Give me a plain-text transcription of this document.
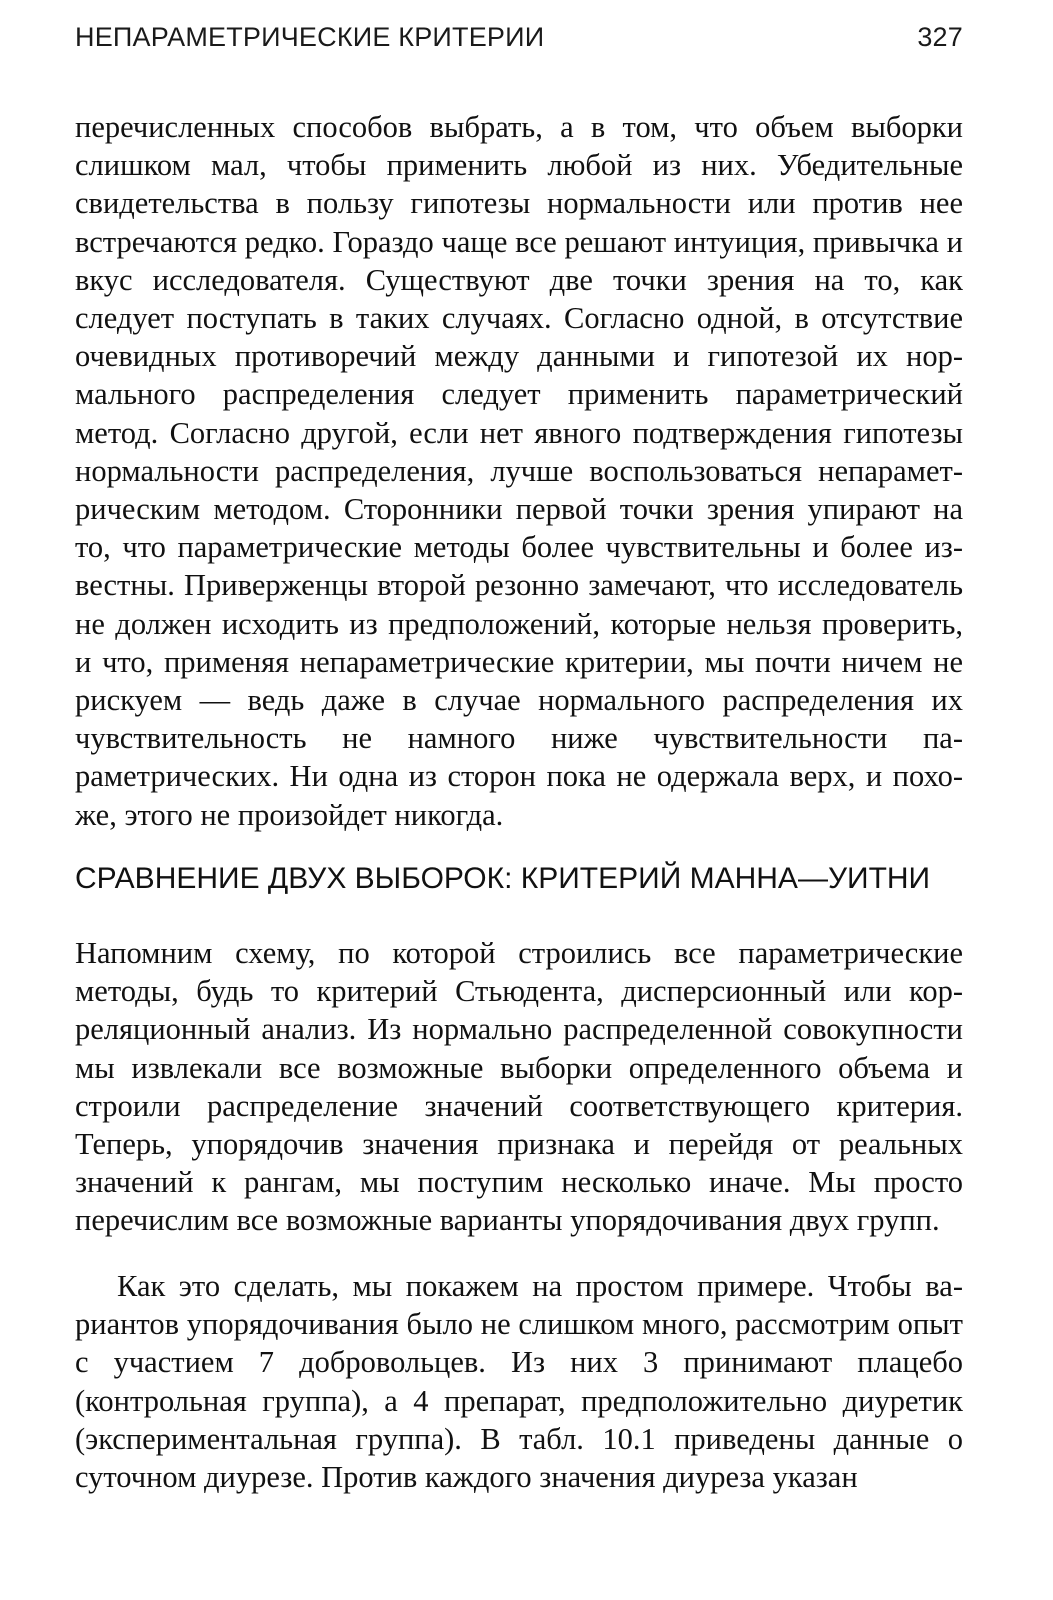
НЕПАРАМЕТРИЧЕСКИЕ КРИТЕРИИ	327

перечисленных способов выбрать, а в том, что объем выборки слишком мал, чтобы применить любой из них. Убедительные свидетельства в пользу гипотезы нормальности или против нее встречаются редко. Гораздо чаще все решают интуиция, привычка и вкус исследователя. Существуют две точки зрения на то, как следует поступать в таких случаях. Согласно одной, в отсутствие очевидных противоречий между данными и гипотезой их нормального распределения следует применить параметрический метод. Согласно другой, если нет явного подтверждения гипотезы нормальности распределения, лучше воспользоваться непараметрическим методом. Сторонники первой точки зрения упирают на то, что параметрические методы более чувствительны и более известны. Приверженцы второй резонно замечают, что исследователь не должен исходить из предположений, которые нельзя проверить, и что, применяя непараметрические критерии, мы почти ничем не рискуем — ведь даже в случае нормального распределения их чувствительность не намного ниже чувствительности параметрических. Ни одна из сторон пока не одержала верх, и похоже, этого не произойдет никогда.

СРАВНЕНИЕ ДВУХ ВЫБОРОК: КРИТЕРИЙ МАННА—УИТНИ

Напомним схему, по которой строились все параметрические методы, будь то критерий Стьюдента, дисперсионный или корреляционный анализ. Из нормально распределенной совокупности мы извлекали все возможные выборки определенного объема и строили распределение значений соответствующего критерия. Теперь, упорядочив значения признака и перейдя от реальных значений к рангам, мы поступим несколько иначе. Мы просто перечислим все возможные варианты упорядочивания двух групп.

Как это сделать, мы покажем на простом примере. Чтобы вариантов упорядочивания было не слишком много, рассмотрим опыт с участием 7 добровольцев. Из них 3 принимают плацебо (контрольная группа), а 4 препарат, предположительно диуретик (экспериментальная группа). В табл. 10.1 приведены данные о суточном диурезе. Против каждого значения диуреза указан
